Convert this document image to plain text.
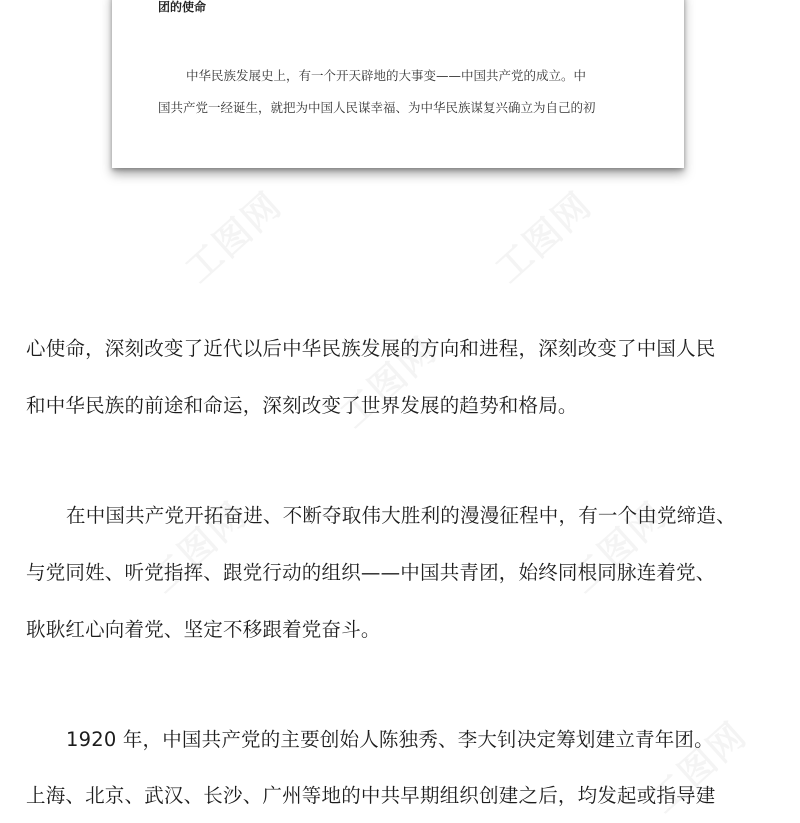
团的使命
中华民族发展史上，有一个开天辟地的大事变——中国共产党的成立。中
国共产党一经诞生，就把为中国人民谋幸福、为中华民族谋复兴确立为自己的初
心使命，深刻改变了近代以后中华民族发展的方向和进程，深刻改变了中国人民
和中华民族的前途和命运，深刻改变了世界发展的趋势和格局。
在中国共产党开拓奋进、不断夺取伟大胜利的漫漫征程中，有一个由党缔造、
与党同姓、听党指挥、跟党行动的组织——中国共青团，始终同根同脉连着党、
耿耿红心向着党、坚定不移跟着党奋斗。
1920 年，中国共产党的主要创始人陈独秀、李大钊决定筹划建立青年团。
上海、北京、武汉、长沙、广州等地的中共早期组织创建之后，均发起或指导建
